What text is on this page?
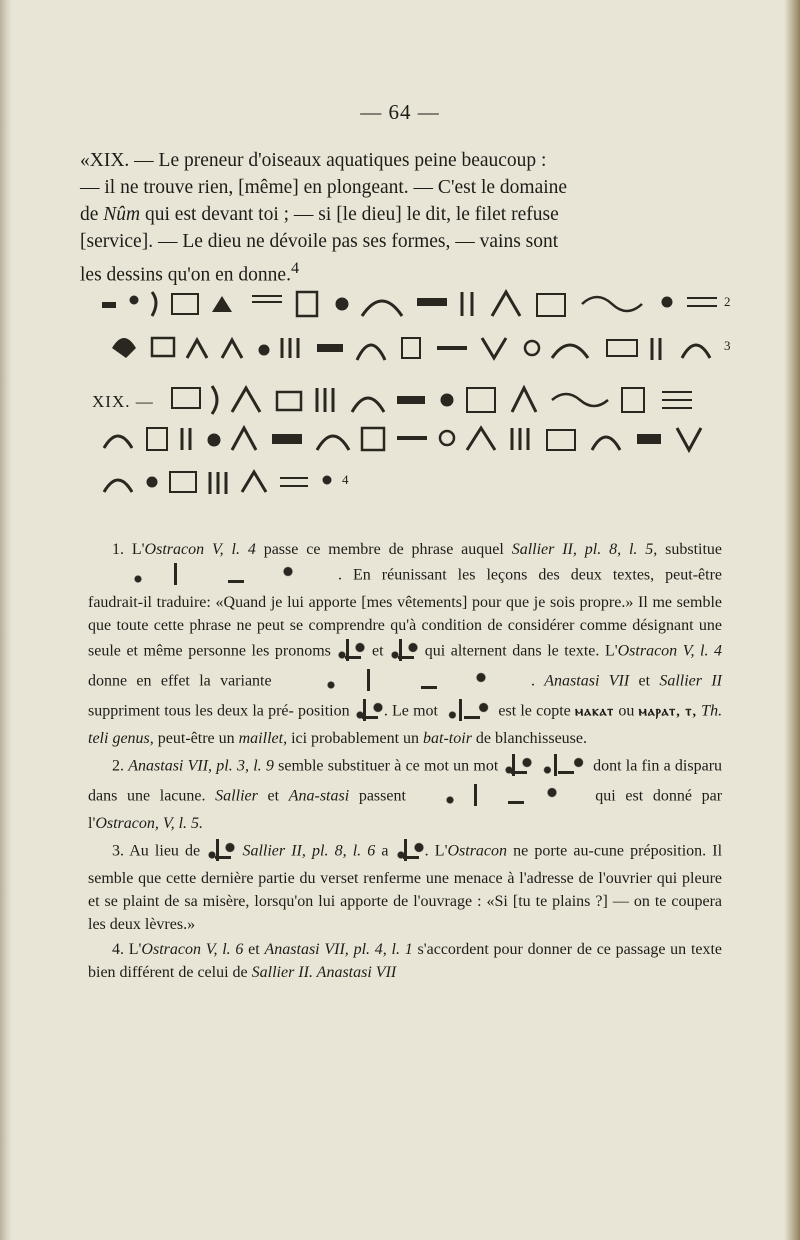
— 64 —

«XIX. — Le preneur d'oiseaux aquatiques peine beaucoup :

— il ne trouve rien, [même] en plongeant. — C'est le domaine

de Nûm qui est devant toi ; — si [le dieu] le dit, le filet refuse

[service]. — Le dieu ne dévoile pas ses formes, — vains sont

les dessins qu'on en donne.$^4$

2
3
4
XIX. —

1. L'Ostracon V, l. 4 passe ce membre de phrase auquel Sallier II, pl. 8, l. 5, substitue . En réunissant les leçons des deux textes, peut-être faudrait-il traduire: «Quand je lui apporte [mes vêtements] pour que je sois propre.» Il me semble que toute cette phrase ne peut se comprendre qu'à condition de considérer comme désignant une seule et même personne les pronoms	et	qui alternent dans le texte. L'Ostracon V, l. 4 donne en effet la variante	. Anastasi VII et Sallier II suppriment tous les deux la pré- position . Le mot	est le copte ⲙⲁⲕⲁⲧ ou ⲙⲁⲣⲁⲧ, ⲧ, Th. teli genus, peut-être un maillet, ici probablement un bat-toir de blanchisseuse.

2. Anastasi VII, pl. 3, l. 9 semble substituer à ce mot un mot	dont la fin a disparu dans une lacune. Sallier et Ana-stasi passent	qui est donné par l'Ostracon, V, l. 5.

3. Au lieu de	Sallier II, pl. 8, l. 6 a . L'Ostracon ne porte au-cune préposition. Il semble que cette dernière partie du verset renferme une menace à l'adresse de l'ouvrier qui pleure et se plaint de sa misère, lorsqu'on lui apporte de l'ouvrage : «Si [tu te plains ?] — on te coupera les deux lèvres.»

4. L'Ostracon V, l. 6 et Anastasi VII, pl. 4, l. 1 s'accordent pour donner de ce passage un texte bien différent de celui de Sallier II. Anastasi VII
